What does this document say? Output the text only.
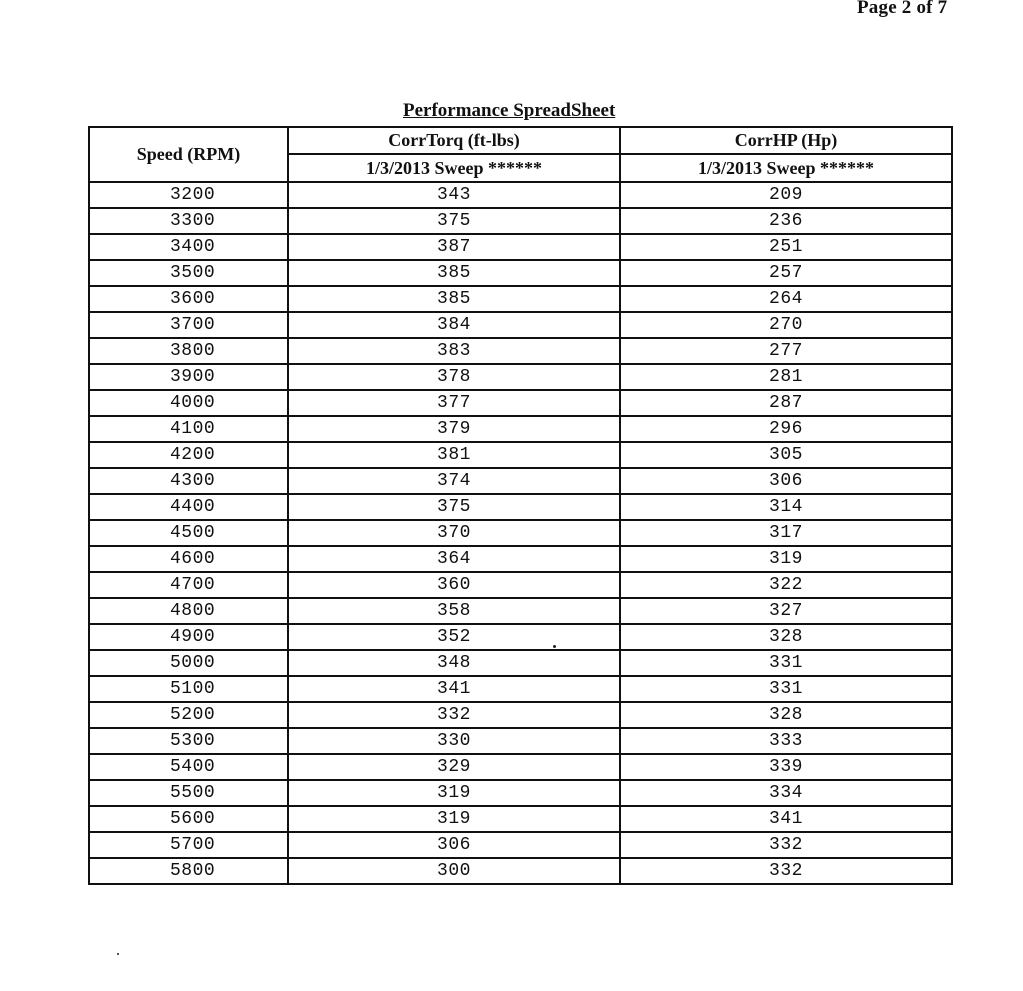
Page 2 of 7
Performance SpreadSheet
Speed (RPM)	CorrTorq (ft-lbs)	CorrHP (Hp)
	1/3/2013 Sweep ******	1/3/2013 Sweep ******
3200	343	209
3300	375	236
3400	387	251
3500	385	257
3600	385	264
3700	384	270
3800	383	277
3900	378	281
4000	377	287
4100	379	296
4200	381	305
4300	374	306
4400	375	314
4500	370	317
4600	364	319
4700	360	322
4800	358	327
4900	352	328
5000	348	331
5100	341	331
5200	332	328
5300	330	333
5400	329	339
5500	319	334
5600	319	341
5700	306	332
5800	300	332
